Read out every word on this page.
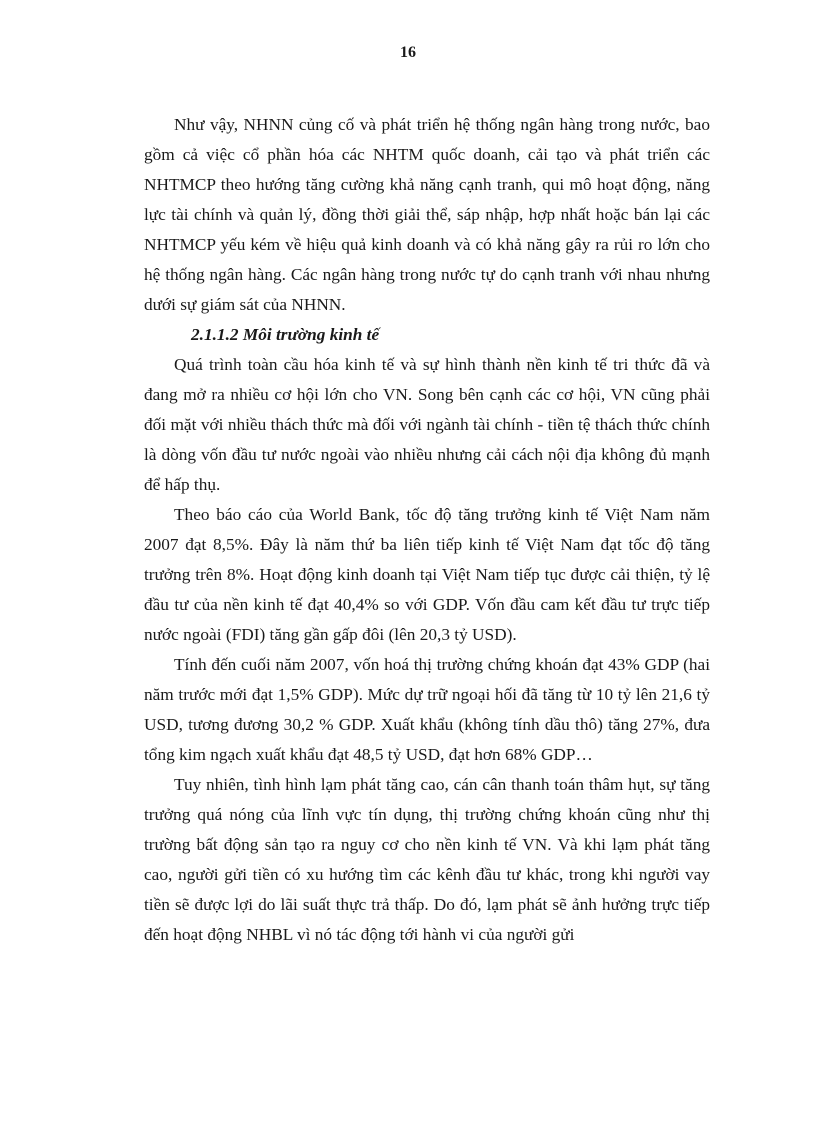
16

Như vậy, NHNN củng cố và phát triển hệ thống ngân hàng trong nước, bao gồm cả việc cổ phần hóa các NHTM quốc doanh, cải tạo và phát triển các NHTMCP theo hướng tăng cường khả năng cạnh tranh, qui mô hoạt động, năng lực tài chính và quản lý, đồng thời giải thể, sáp nhập, hợp nhất hoặc bán lại các NHTMCP yếu kém về hiệu quả kinh doanh và có khả năng gây ra rủi ro lớn cho hệ thống ngân hàng. Các ngân hàng trong nước tự do cạnh tranh với nhau nhưng dưới sự giám sát của NHNN.

2.1.1.2 Môi trường kinh tế

Quá trình toàn cầu hóa kinh tế và sự hình thành nền kinh tế tri thức đã và đang mở ra nhiều cơ hội lớn cho VN. Song bên cạnh các cơ hội, VN cũng phải đối mặt với nhiều thách thức mà đối với ngành tài chính - tiền tệ thách thức chính là dòng vốn đầu tư nước ngoài vào nhiều nhưng cải cách nội địa không đủ mạnh để hấp thụ.

Theo báo cáo của World Bank, tốc độ tăng trưởng kinh tế Việt Nam năm 2007 đạt 8,5%. Đây là năm thứ ba liên tiếp kinh tế Việt Nam đạt tốc độ tăng trưởng trên 8%. Hoạt động kinh doanh tại Việt Nam tiếp tục được cải thiện, tỷ lệ đầu tư của nền kinh tế đạt 40,4% so với GDP. Vốn đầu cam kết đầu tư trực tiếp nước ngoài (FDI) tăng gần gấp đôi (lên 20,3 tỷ USD).

Tính đến cuối năm 2007, vốn hoá thị trường chứng khoán đạt 43% GDP (hai năm trước mới đạt 1,5% GDP). Mức dự trữ ngoại hối đã tăng từ 10 tỷ lên 21,6 tỷ USD, tương đương 30,2 % GDP. Xuất khẩu (không tính dầu thô) tăng 27%, đưa tổng kim ngạch xuất khẩu đạt 48,5 tỷ USD, đạt hơn 68% GDP…

Tuy nhiên, tình hình lạm phát tăng cao, cán cân thanh toán thâm hụt, sự tăng trưởng quá nóng của lĩnh vực tín dụng, thị trường chứng khoán cũng như thị trường bất động sản tạo ra nguy cơ cho nền kinh tế VN. Và khi lạm phát tăng cao, người gửi tiền có xu hướng tìm các kênh đầu tư khác, trong khi người vay tiền sẽ được lợi do lãi suất thực trả thấp. Do đó, lạm phát sẽ ảnh hưởng trực tiếp đến hoạt động NHBL vì nó tác động tới hành vi của người gửi
